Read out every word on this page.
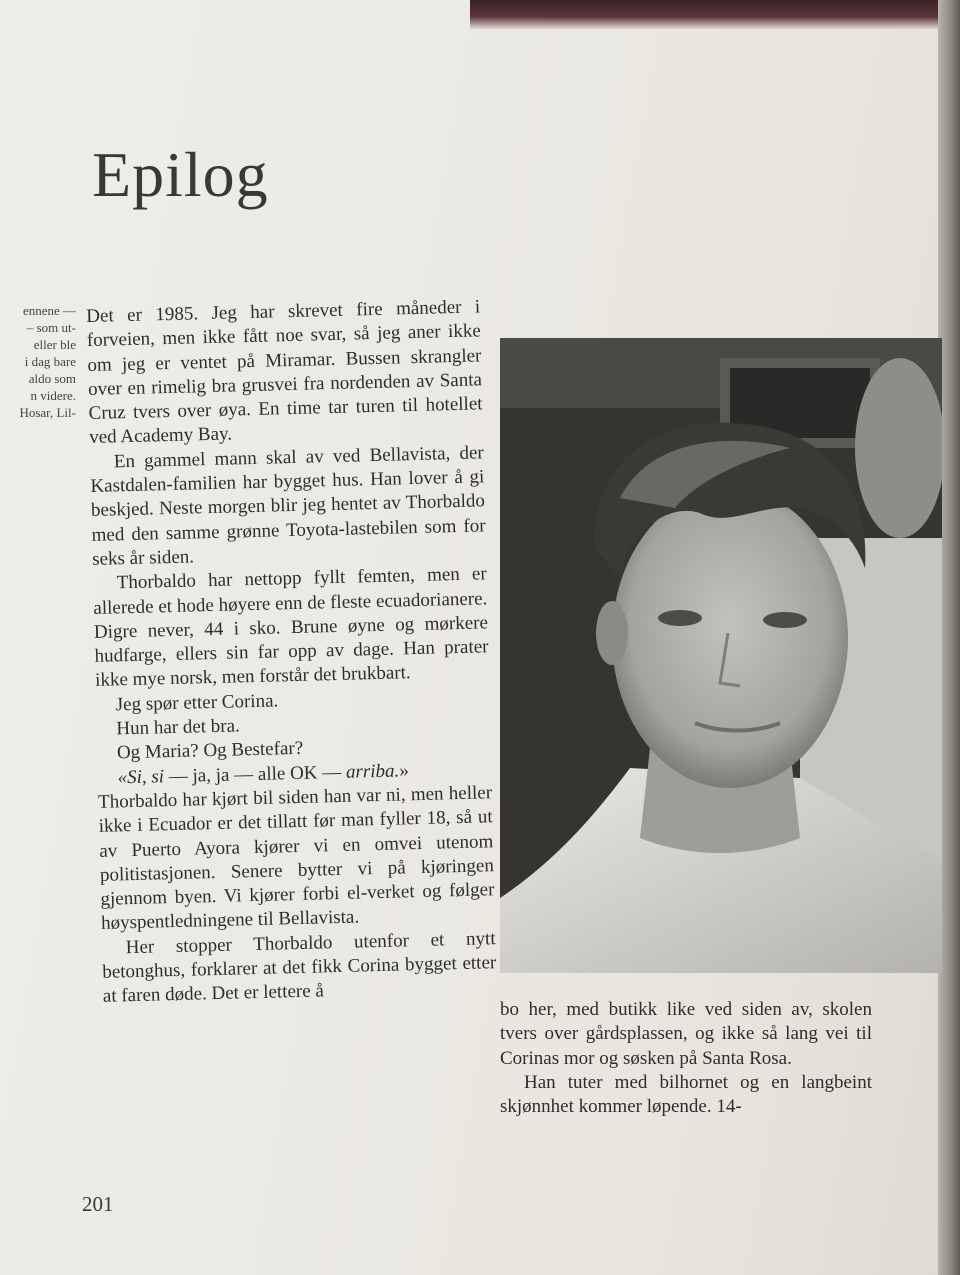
Epilog
ennene —
– som ut-
eller ble
i dag bare
aldo som
n videre.
Hosar, Lil-

Det er 1985. Jeg har skrevet fire måneder i forveien, men ikke fått noe svar, så jeg aner ikke om jeg er ventet på Miramar. Bussen skrangler over en rimelig bra grusvei fra nordenden av Santa Cruz tvers over øya. En time tar turen til hotellet ved Academy Bay.

En gammel mann skal av ved Bellavista, der Kastdalen-familien har bygget hus. Han lover å gi beskjed. Neste morgen blir jeg hentet av Thorbaldo med den samme grønne Toyota-lastebilen som for seks år siden.

Thorbaldo har nettopp fyllt femten, men er allerede et hode høyere enn de fleste ecuadorianere. Digre never, 44 i sko. Brune øyne og mørkere hudfarge, ellers sin far opp av dage. Han prater ikke mye norsk, men forstår det brukbart.

Jeg spør etter Corina.

Hun har det bra.

Og Maria? Og Bestefar?

«Si, si — ja, ja — alle OK — arriba.»

Thorbaldo har kjørt bil siden han var ni, men heller ikke i Ecuador er det tillatt før man fyller 18, så ut av Puerto Ayora kjører vi en omvei utenom politistasjonen. Senere bytter vi på kjøringen gjennom byen. Vi kjører forbi el-verket og følger høyspentledningene til Bellavista.

Her stopper Thorbaldo utenfor et nytt betonghus, forklarer at det fikk Corina bygget etter at faren døde. Det er lettere å

bo her, med butikk like ved siden av, skolen tvers over gårdsplassen, og ikke så lang vei til Corinas mor og søsken på Santa Rosa.

Han tuter med bilhornet og en langbeint skjønnhet kommer løpende. 14-

201
